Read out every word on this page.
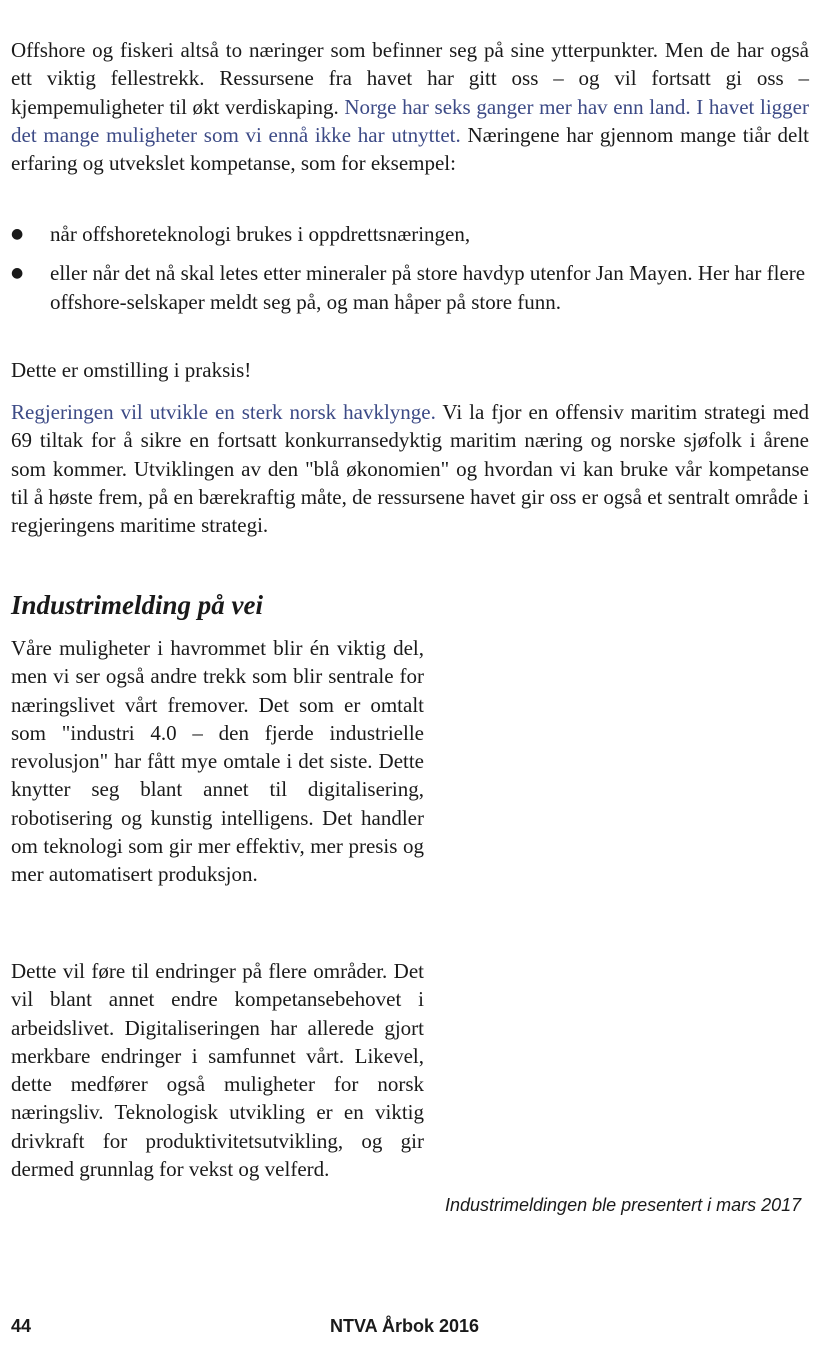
Offshore og fiskeri altså to næringer som befinner seg på sine ytterpunkter. Men de har også ett viktig fellestrekk. Ressursene fra havet har gitt oss – og vil fortsatt gi oss – kjempemuligheter til økt verdiskaping. Norge har seks ganger mer hav enn land. I havet ligger det mange muligheter som vi ennå ikke har utnyttet. Næringene har gjennom mange tiår delt erfaring og utvekslet kompetanse, som for eksempel:

●	når offshoreteknologi brukes i oppdrettsnæringen,
●	eller når det nå skal letes etter mineraler på store havdyp utenfor Jan Mayen. Her har flere offshore-selskaper meldt seg på, og man håper på store funn.

Dette er omstilling i praksis!

Regjeringen vil utvikle en sterk norsk havklynge. Vi la fjor en offensiv maritim strategi med 69 tiltak for å sikre en fortsatt konkurransedyktig maritim næring og norske sjøfolk i årene som kommer. Utviklingen av den "blå økonomien" og hvordan vi kan bruke vår kompetanse til å høste frem, på en bærekraftig måte, de ressursene havet gir oss er også et sentralt område i regjeringens maritime strategi.

Industrimelding på vei

Våre muligheter i havrommet blir én viktig del, men vi ser også andre trekk som blir sentrale for næringslivet vårt fremover. Det som er omtalt som "industri 4.0 – den fjerde industrielle revolusjon" har fått mye omtale i det siste. Dette knytter seg blant annet til digitalisering, robotisering og kunstig intelligens. Det handler om teknologi som gir mer effektiv, mer presis og mer automatisert produksjon.

Dette vil føre til endringer på flere områder. Det vil blant annet endre kompetansebehovet i arbeidslivet. Digitaliseringen har allerede gjort merkbare endringer i samfunnet vårt. Likevel, dette medfører også muligheter for norsk næringsliv. Teknologisk utvikling er en viktig drivkraft for produktivitetsutvikling, og gir dermed grunnlag for vekst og velferd.

Industrimeldingen ble presentert i mars 2017

44	NTVA Årbok 2016
